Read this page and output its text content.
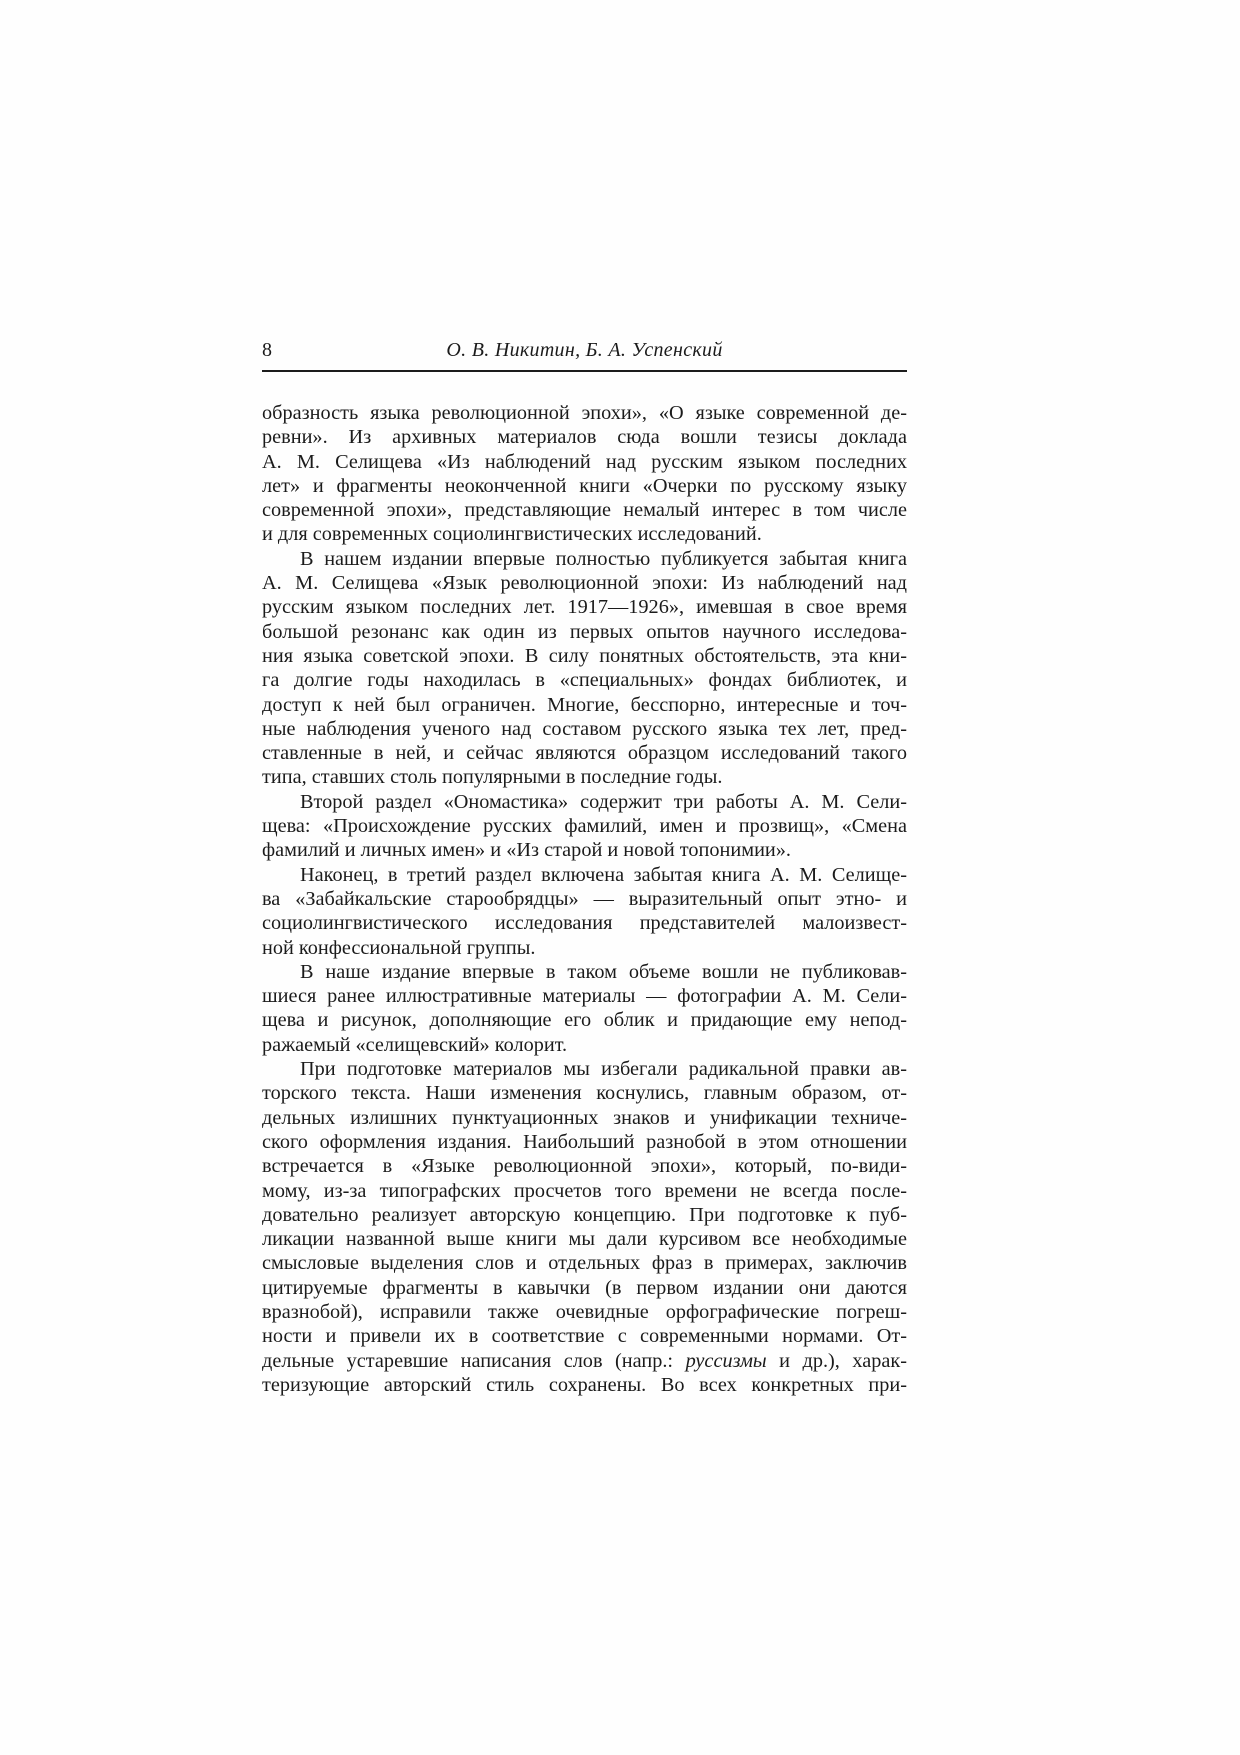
8	О. В. Никитин, Б. А. Успенский
образность языка революционной эпохи», «О языке современной де-
ревни». Из архивных материалов сюда вошли тезисы доклада
А. М. Селищева «Из наблюдений над русским языком последних
лет» и фрагменты неоконченной книги «Очерки по русскому языку
современной эпохи», представляющие немалый интерес в том числе
и для современных социолингвистических исследований.
В нашем издании впервые полностью публикуется забытая книга
А. М. Селищева «Язык революционной эпохи: Из наблюдений над
русским языком последних лет. 1917—1926», имевшая в свое время
большой резонанс как один из первых опытов научного исследова-
ния языка советской эпохи. В силу понятных обстоятельств, эта кни-
га долгие годы находилась в «специальных» фондах библиотек, и
доступ к ней был ограничен. Многие, бесспорно, интересные и точ-
ные наблюдения ученого над составом русского языка тех лет, пред-
ставленные в ней, и сейчас являются образцом исследований такого
типа, ставших столь популярными в последние годы.
Второй раздел «Ономастика» содержит три работы А. М. Сели-
щева: «Происхождение русских фамилий, имен и прозвищ», «Смена
фамилий и личных имен» и «Из старой и новой топонимии».
Наконец, в третий раздел включена забытая книга А. М. Селище-
ва «Забайкальские старообрядцы» — выразительный опыт этно- и
социолингвистического исследования представителей малоизвест-
ной конфессиональной группы.
В наше издание впервые в таком объеме вошли не публиковав-
шиеся ранее иллюстративные материалы — фотографии А. М. Сели-
щева и рисунок, дополняющие его облик и придающие ему непод-
ражаемый «селищевский» колорит.
При подготовке материалов мы избегали радикальной правки ав-
торского текста. Наши изменения коснулись, главным образом, от-
дельных излишних пунктуационных знаков и унификации техниче-
ского оформления издания. Наибольший разнобой в этом отношении
встречается в «Языке революционной эпохи», который, по-види-
мому, из-за типографских просчетов того времени не всегда после-
довательно реализует авторскую концепцию. При подготовке к пуб-
ликации названной выше книги мы дали курсивом все необходимые
смысловые выделения слов и отдельных фраз в примерах, заключив
цитируемые фрагменты в кавычки (в первом издании они даются
вразнобой), исправили также очевидные орфографические погреш-
ности и привели их в соответствие с современными нормами. От-
дельные устаревшие написания слов (напр.: руссизмы и др.), харак-
теризующие авторский стиль сохранены. Во всех конкретных при-
